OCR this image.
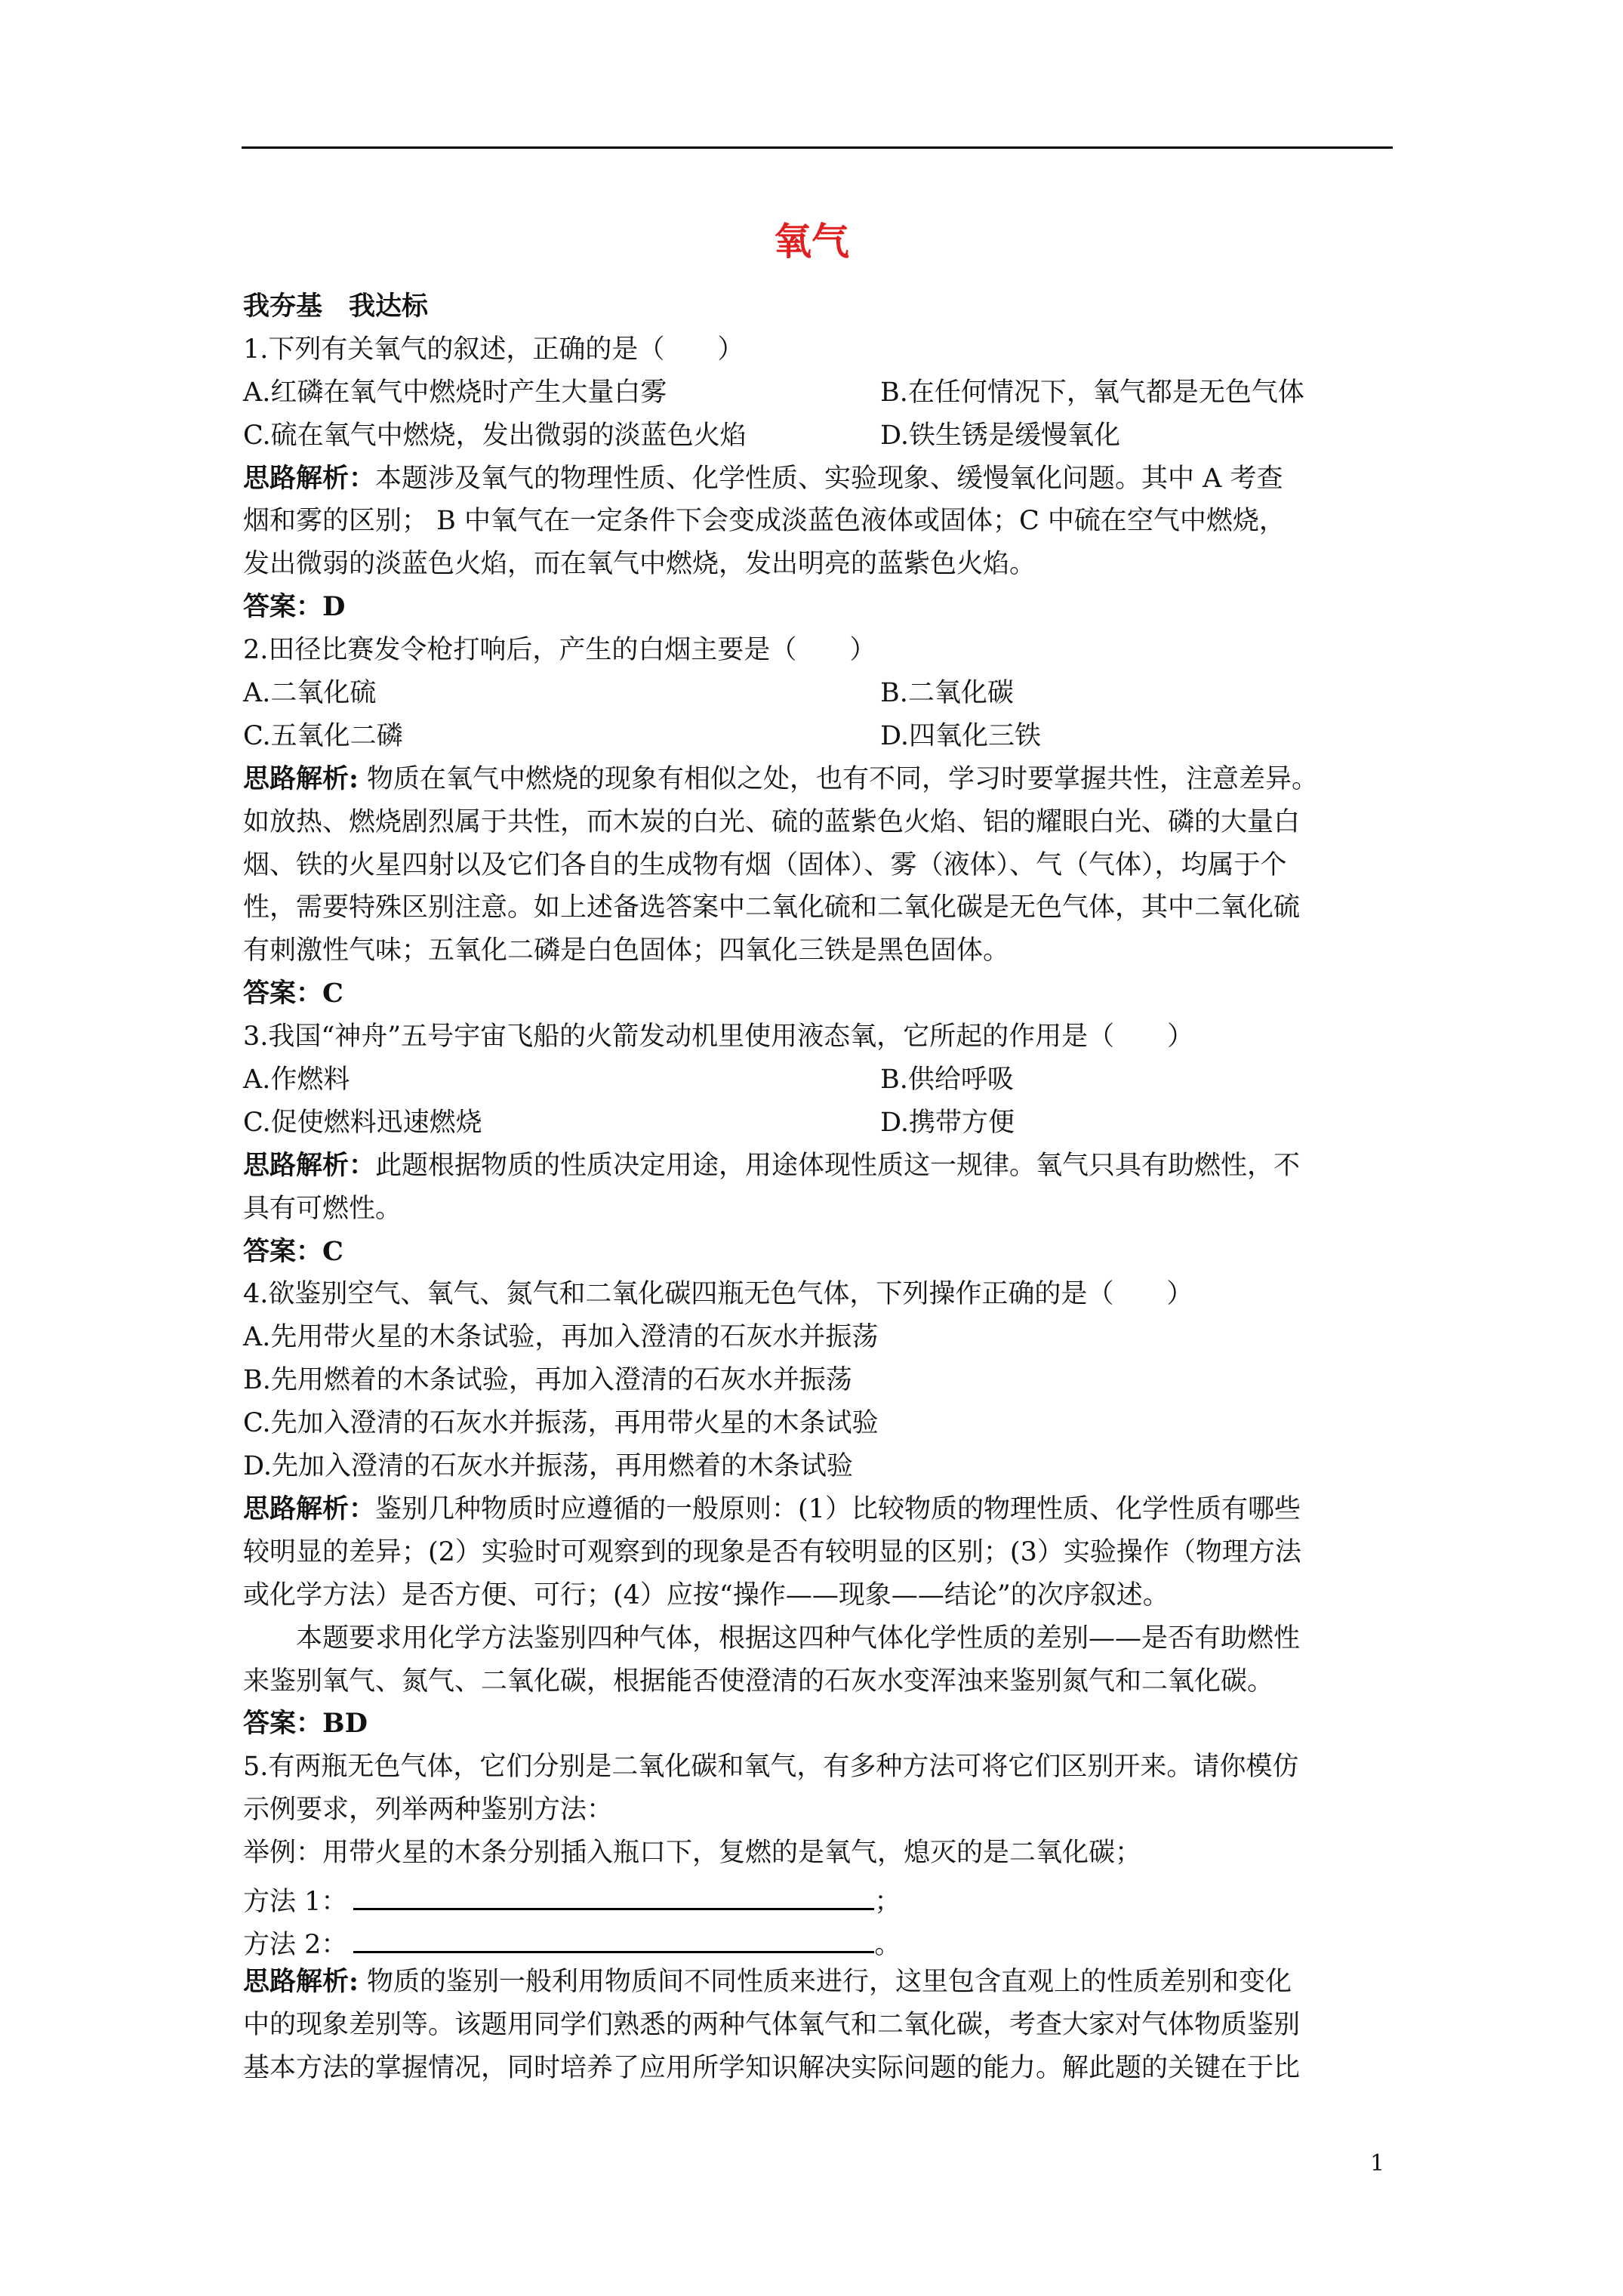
氧气
我夯基　我达标
1.下列有关氧气的叙述，正确的是（　　）
A.红磷在氧气中燃烧时产生大量白雾	B.在任何情况下，氧气都是无色气体
C.硫在氧气中燃烧，发出微弱的淡蓝色火焰	D.铁生锈是缓慢氧化
思路解析：本题涉及氧气的物理性质、化学性质、实验现象、缓慢氧化问题。其中 A 考查
烟和雾的区别； B 中氧气在一定条件下会变成淡蓝色液体或固体；C 中硫在空气中燃烧，
发出微弱的淡蓝色火焰，而在氧气中燃烧，发出明亮的蓝紫色火焰。
答案：D
2.田径比赛发令枪打响后，产生的白烟主要是（　　）
A.二氧化硫	B.二氧化碳
C.五氧化二磷	D.四氧化三铁
思路解析: 物质在氧气中燃烧的现象有相似之处，也有不同，学习时要掌握共性，注意差异。
如放热、燃烧剧烈属于共性，而木炭的白光、硫的蓝紫色火焰、铝的耀眼白光、磷的大量白
烟、铁的火星四射以及它们各自的生成物有烟（固体）、雾（液体）、气（气体），均属于个
性，需要特殊区别注意。如上述备选答案中二氧化硫和二氧化碳是无色气体，其中二氧化硫
有刺激性气味；五氧化二磷是白色固体；四氧化三铁是黑色固体。
答案：C
3.我国“神舟”五号宇宙飞船的火箭发动机里使用液态氧，它所起的作用是（　　）
A.作燃料	B.供给呼吸
C.促使燃料迅速燃烧	D.携带方便
思路解析：此题根据物质的性质决定用途，用途体现性质这一规律。氧气只具有助燃性，不
具有可燃性。
答案：C
4.欲鉴别空气、氧气、氮气和二氧化碳四瓶无色气体，下列操作正确的是（　　）
A.先用带火星的木条试验，再加入澄清的石灰水并振荡
B.先用燃着的木条试验，再加入澄清的石灰水并振荡
C.先加入澄清的石灰水并振荡，再用带火星的木条试验
D.先加入澄清的石灰水并振荡，再用燃着的木条试验
思路解析：鉴别几种物质时应遵循的一般原则：(1）比较物质的物理性质、化学性质有哪些
较明显的差异；(2）实验时可观察到的现象是否有较明显的区别；(3）实验操作（物理方法
或化学方法）是否方便、可行；(4）应按“操作——现象——结论”的次序叙述。
本题要求用化学方法鉴别四种气体，根据这四种气体化学性质的差别——是否有助燃性
来鉴别氧气、氮气、二氧化碳，根据能否使澄清的石灰水变浑浊来鉴别氮气和二氧化碳。
答案：BD
5.有两瓶无色气体，它们分别是二氧化碳和氧气，有多种方法可将它们区别开来。请你模仿
示例要求，列举两种鉴别方法：
举例：用带火星的木条分别插入瓶口下，复燃的是氧气，熄灭的是二氧化碳；
方法 1：	；
方法 2：	。
思路解析: 物质的鉴别一般利用物质间不同性质来进行，这里包含直观上的性质差别和变化
中的现象差别等。该题用同学们熟悉的两种气体氧气和二氧化碳，考查大家对气体物质鉴别
基本方法的掌握情况，同时培养了应用所学知识解决实际问题的能力。解此题的关键在于比
1
